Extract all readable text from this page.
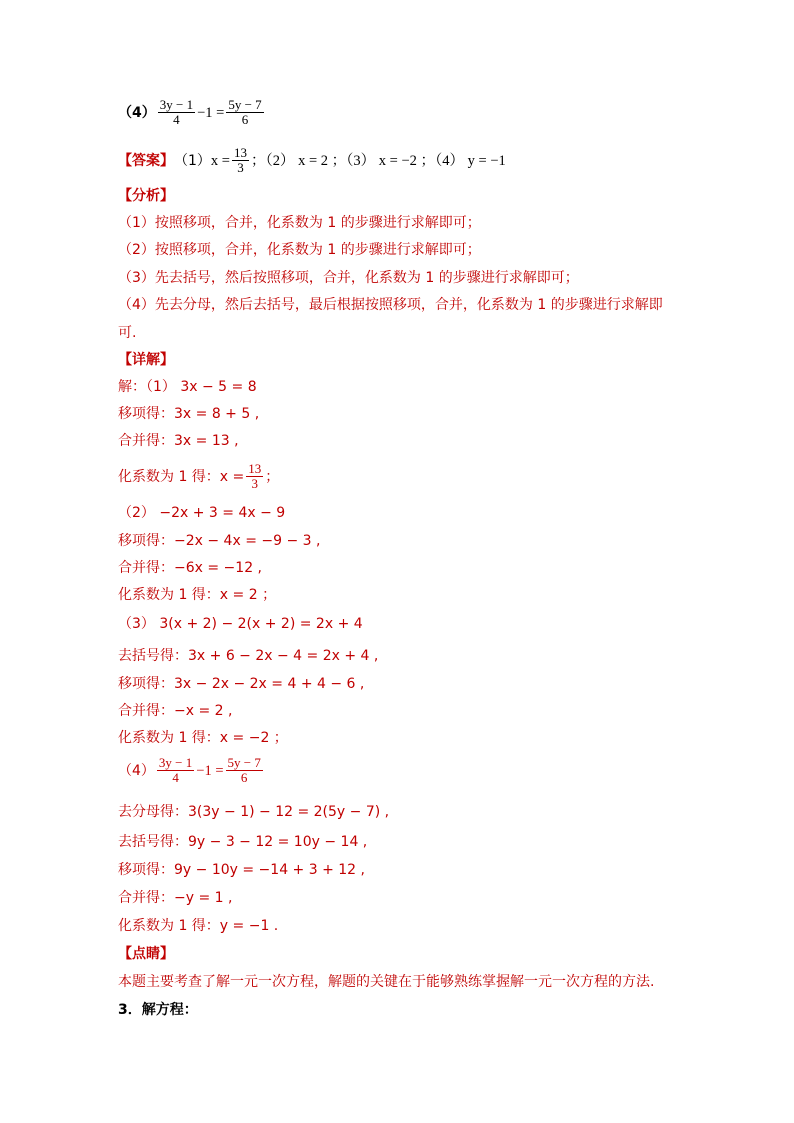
$(4) \frac{3y - 1}{4} -1 = \frac{5y - 7}{6}$
【答案】 （1） $x = \frac{13}{3}$ ；（2） x = 2 ；（3） x = −2 ；（4） y = −1
【分析】
（1）按照移项，合并，化系数为 1 的步骤进行求解即可；
（2）按照移项，合并，化系数为 1 的步骤进行求解即可；
（3）先去括号，然后按照移项，合并，化系数为 1 的步骤进行求解即可；
（4）先去分母，然后去括号，最后根据按照移项，合并，化系数为 1 的步骤进行求解即
可.
【详解】
解：（1） 3x − 5 = 8
移项得：3x = 8 + 5 ,
合并得：3x = 13 ,
化系数为 1 得：$x = \frac{13}{3}$ ；
（2） −2x + 3 = 4x − 9
移项得：−2x − 4x = −9 − 3 ,
合并得：−6x = −12 ,
化系数为 1 得：x = 2 ；
（3） 3(x + 2) − 2(x + 2) = 2x + 4
去括号得：3x + 6 − 2x − 4 = 2x + 4 ,
移项得：3x − 2x − 2x = 4 + 4 − 6 ,
合并得：−x = 2 ,
化系数为 1 得：x = −2 ；
$(4) \frac{3y - 1}{4} -1 = \frac{5y - 7}{6}$
去分母得：3(3y − 1) − 12 = 2(5y − 7) ,
去括号得：9y − 3 − 12 = 10y − 14 ,
移项得：9y − 10y = −14 + 3 + 12 ,
合并得：−y = 1 ,
化系数为 1 得：y = −1 .
【点睛】
本题主要考查了解一元一次方程，解题的关键在于能够熟练掌握解一元一次方程的方法.
3．解方程：
